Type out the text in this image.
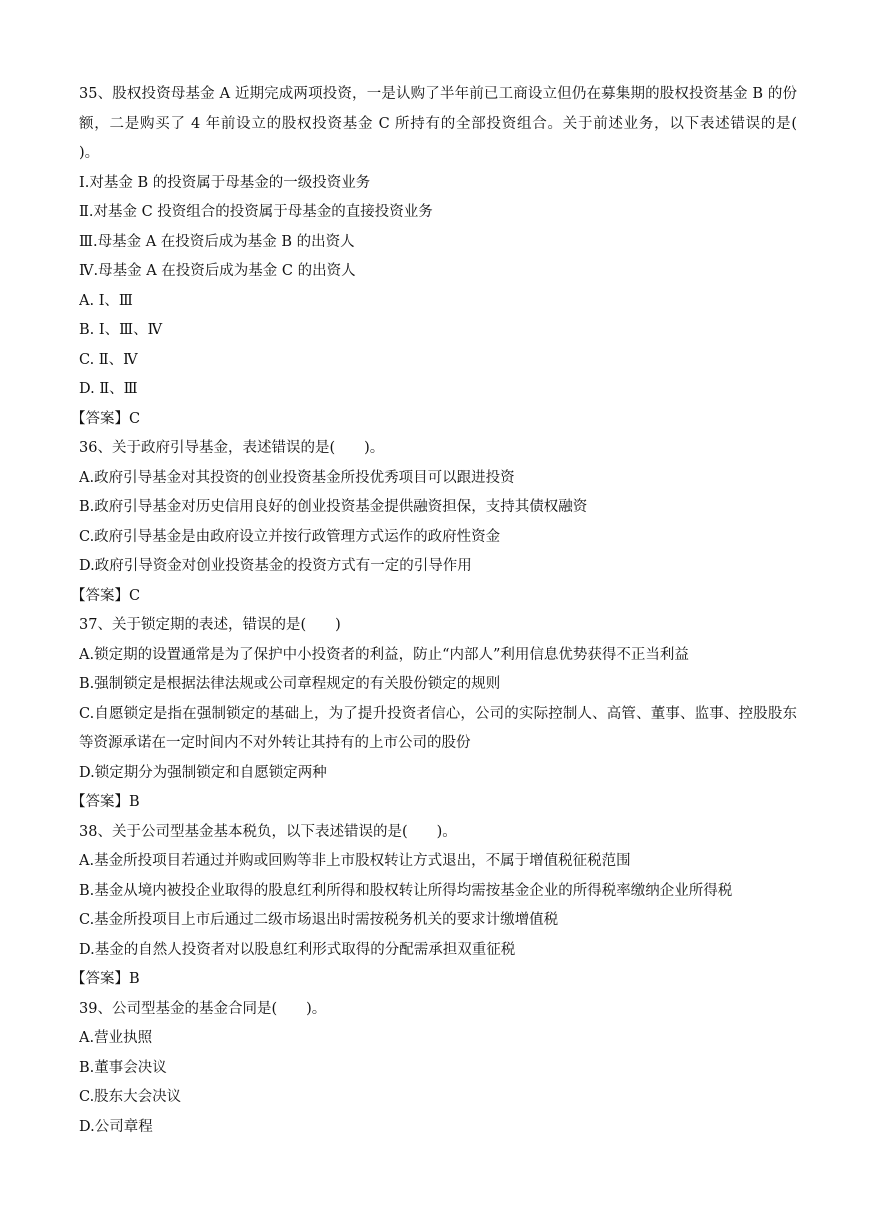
35、股权投资母基金 A 近期完成两项投资，一是认购了半年前已工商设立但仍在募集期的股权投资基金 B 的份额，二是购买了 4 年前设立的股权投资基金 C 所持有的全部投资组合。关于前述业务，以下表述错误的是(　　)。
Ⅰ.对基金 B 的投资属于母基金的一级投资业务
Ⅱ.对基金 C 投资组合的投资属于母基金的直接投资业务
Ⅲ.母基金 A 在投资后成为基金 B 的出资人
Ⅳ.母基金 A 在投资后成为基金 C 的出资人
A. Ⅰ、Ⅲ
B. Ⅰ、Ⅲ、Ⅳ
C. Ⅱ、Ⅳ
D. Ⅱ、Ⅲ
【答案】C
36、关于政府引导基金，表述错误的是(　　)。
A.政府引导基金对其投资的创业投资基金所投优秀项目可以跟进投资
B.政府引导基金对历史信用良好的创业投资基金提供融资担保，支持其债权融资
C.政府引导基金是由政府设立并按行政管理方式运作的政府性资金
D.政府引导资金对创业投资基金的投资方式有一定的引导作用
【答案】C
37、关于锁定期的表述，错误的是(　　)
A.锁定期的设置通常是为了保护中小投资者的利益，防止“内部人”利用信息优势获得不正当利益
B.强制锁定是根据法律法规或公司章程规定的有关股份锁定的规则
C.自愿锁定是指在强制锁定的基础上，为了提升投资者信心，公司的实际控制人、高管、董事、监事、控股股东等资源承诺在一定时间内不对外转让其持有的上市公司的股份
D.锁定期分为强制锁定和自愿锁定两种
【答案】B
38、关于公司型基金基本税负，以下表述错误的是(　　)。
A.基金所投项目若通过并购或回购等非上市股权转让方式退出，不属于增值税征税范围
B.基金从境内被投企业取得的股息红利所得和股权转让所得均需按基金企业的所得税率缴纳企业所得税
C.基金所投项目上市后通过二级市场退出时需按税务机关的要求计缴增值税
D.基金的自然人投资者对以股息红利形式取得的分配需承担双重征税
【答案】B
39、公司型基金的基金合同是(　　)。
A.营业执照
B.董事会决议
C.股东大会决议
D.公司章程
